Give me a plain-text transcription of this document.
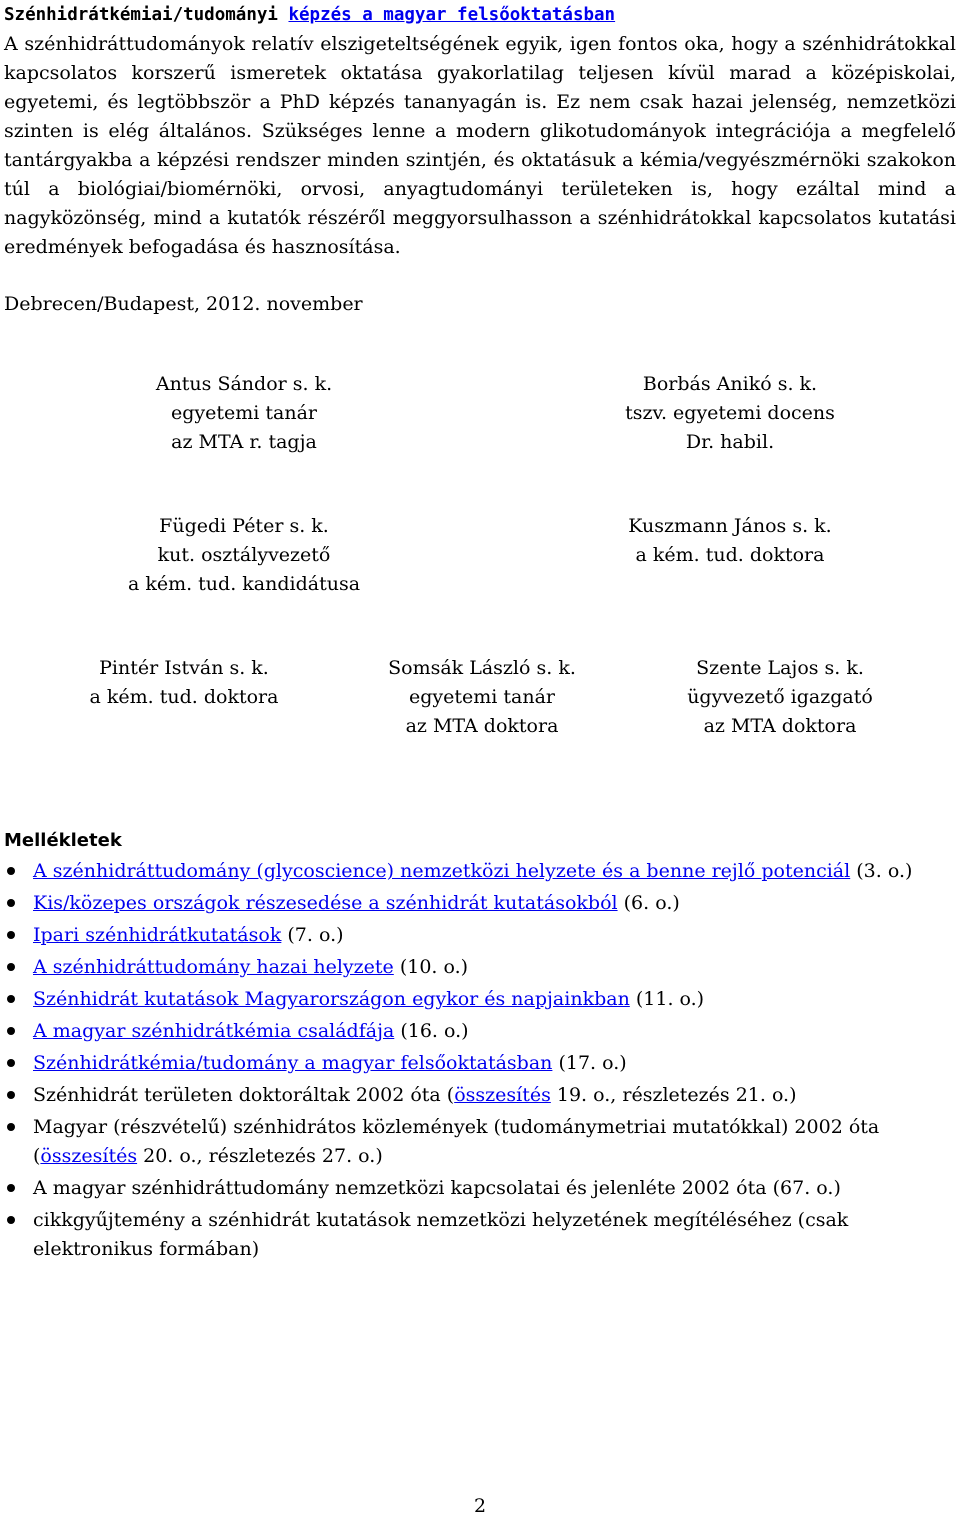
Szénhidrátkémiai/tudományi képzés a magyar felsőoktatásban

A szénhidráttudományok relatív elszigeteltségének egyik, igen fontos oka, hogy a szénhidrátokkal kapcsolatos korszerű ismeretek oktatása gyakorlatilag teljesen kívül marad a középiskolai, egyetemi, és legtöbbször a PhD képzés tananyagán is. Ez nem csak hazai jelenség, nemzetközi szinten is elég általános. Szükséges lenne a modern glikotudományok integrációja a megfelelő tantárgyakba a képzési rendszer minden szintjén, és oktatásuk a kémia/vegyészmérnöki szakokon túl a biológiai/biomérnöki, orvosi, anyagtudományi területeken is, hogy ezáltal mind a nagyközönség, mind a kutatók részéről meggyorsulhasson a szénhidrátokkal kapcsolatos kutatási eredmények befogadása és hasznosítása.

Debrecen/Budapest, 2012. november
Antus Sándor s. k.
egyetemi tanár
az MTA r. tagja
Borbás Anikó s. k.
tszv. egyetemi docens
Dr. habil.
Fügedi Péter s. k.
kut. osztályvezető
a kém. tud. kandidátusa
Kuszmann János s. k.
a kém. tud. doktora
Pintér István s. k.
a kém. tud. doktora
Somsák László s. k.
egyetemi tanár
az MTA doktora
Szente Lajos s. k.
ügyvezető igazgató
az MTA doktora
Mellékletek
A szénhidráttudomány (glycoscience) nemzetközi helyzete és a benne rejlő potenciál (3. o.)
Kis/közepes országok részesedése a szénhidrát kutatásokból (6. o.)
Ipari szénhidrátkutatások (7. o.)
A szénhidráttudomány hazai helyzete (10. o.)
Szénhidrát kutatások Magyarországon egykor és napjainkban (11. o.)
A magyar szénhidrátkémia családfája (16. o.)
Szénhidrátkémia/tudomány a magyar felsőoktatásban (17. o.)
Szénhidrát területen doktoráltak 2002 óta (összesítés 19. o., részletezés 21. o.)
Magyar (részvételű) szénhidrátos közlemények (tudománymetriai mutatókkal) 2002 óta (összesítés 20. o., részletezés 27. o.)
A magyar szénhidráttudomány nemzetközi kapcsolatai és jelenléte 2002 óta (67. o.)
cikkgyűjtemény a szénhidrát kutatások nemzetközi helyzetének megítéléséhez (csak elektronikus formában)
2
